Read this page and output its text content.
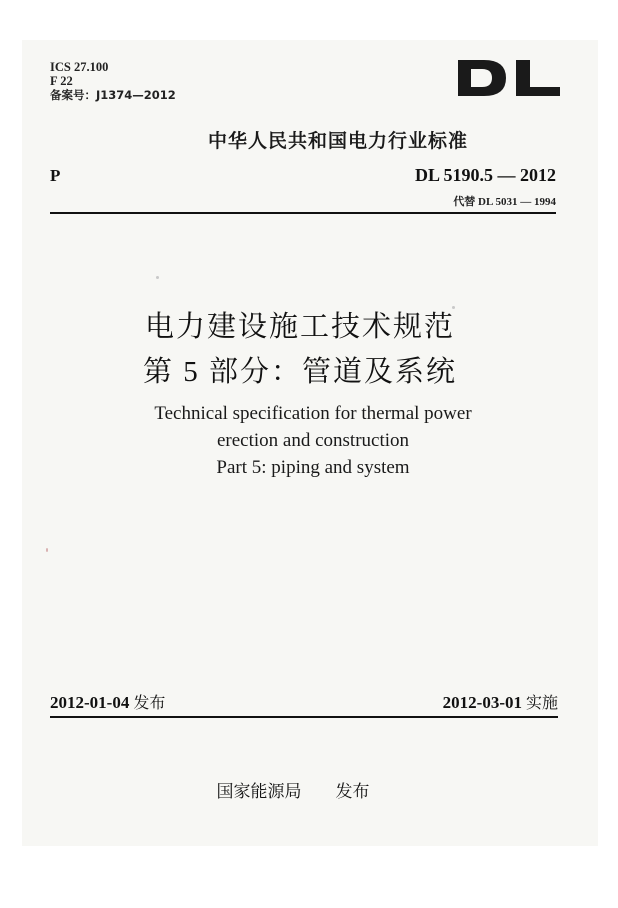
ICS 27.100
F 22
备案号：J1374—2012
中华人民共和国电力行业标准
P	DL 5190.5 — 2012
代替 DL 5031 — 1994
电力建设施工技术规范
第 5 部分：管道及系统
Technical specification for thermal power
erection and construction
Part 5: piping and system
2012-01-04 发布	2012-03-01 实施
国家能源局 发布
